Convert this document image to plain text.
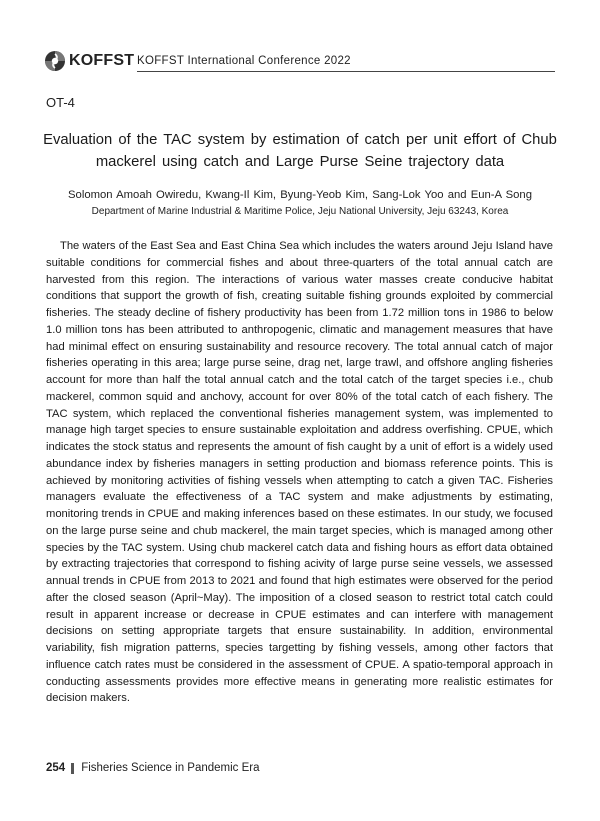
KOFFST KOFFST International Conference 2022
OT-4
Evaluation of the TAC system by estimation of catch per unit effort of Chub mackerel using catch and Large Purse Seine trajectory data
Solomon Amoah Owiredu, Kwang-Il Kim, Byung-Yeob Kim, Sang-Lok Yoo and Eun-A Song
Department of Marine Industrial & Maritime Police, Jeju National University, Jeju 63243, Korea

The waters of the East Sea and East China Sea which includes the waters around Jeju Island have suitable conditions for commercial fishes and about three-quarters of the total annual catch are harvested from this region. The interactions of various water masses create conducive habitat conditions that support the growth of fish, creating suitable fishing grounds exploited by commercial fisheries. The steady decline of fishery productivity has been from 1.72 million tons in 1986 to below 1.0 million tons has been attributed to anthropogenic, climatic and management measures that have had minimal effect on ensuring sustainability and resource recovery. The total annual catch of major fisheries operating in this area; large purse seine, drag net, large trawl, and offshore angling fisheries account for more than half the total annual catch and the total catch of the target species i.e., chub mackerel, common squid and anchovy, account for over 80% of the total catch of each fishery. The TAC system, which replaced the conventional fisheries management system, was implemented to manage high target species to ensure sustainable exploitation and address overfishing. CPUE, which indicates the stock status and represents the amount of fish caught by a unit of effort is a widely used abundance index by fisheries managers in setting production and biomass reference points. This is achieved by monitoring activities of fishing vessels when attempting to catch a given TAC. Fisheries managers evaluate the effectiveness of a TAC system and make adjustments by estimating, monitoring trends in CPUE and making inferences based on these estimates. In our study, we focused on the large purse seine and chub mackerel, the main target species, which is managed among other species by the TAC system. Using chub mackerel catch data and fishing hours as effort data obtained by extracting trajectories that correspond to fishing acivity of large purse seine vessels, we assessed annual trends in CPUE from 2013 to 2021 and found that high estimates were observed for the period after the closed season (April~May). The imposition of a closed season to restrict total catch could result in apparent increase or decrease in CPUE estimates and can interfere with management decisions on setting appropriate targets that ensure sustainability. In addition, environmental variability, fish migration patterns, species targetting by fishing vessels, among other factors that influence catch rates must be considered in the assessment of CPUE. A spatio-temporal approach in conducting assessments provides more effective means in generating more realistic estimates for decision makers.

254 Fisheries Science in Pandemic Era
